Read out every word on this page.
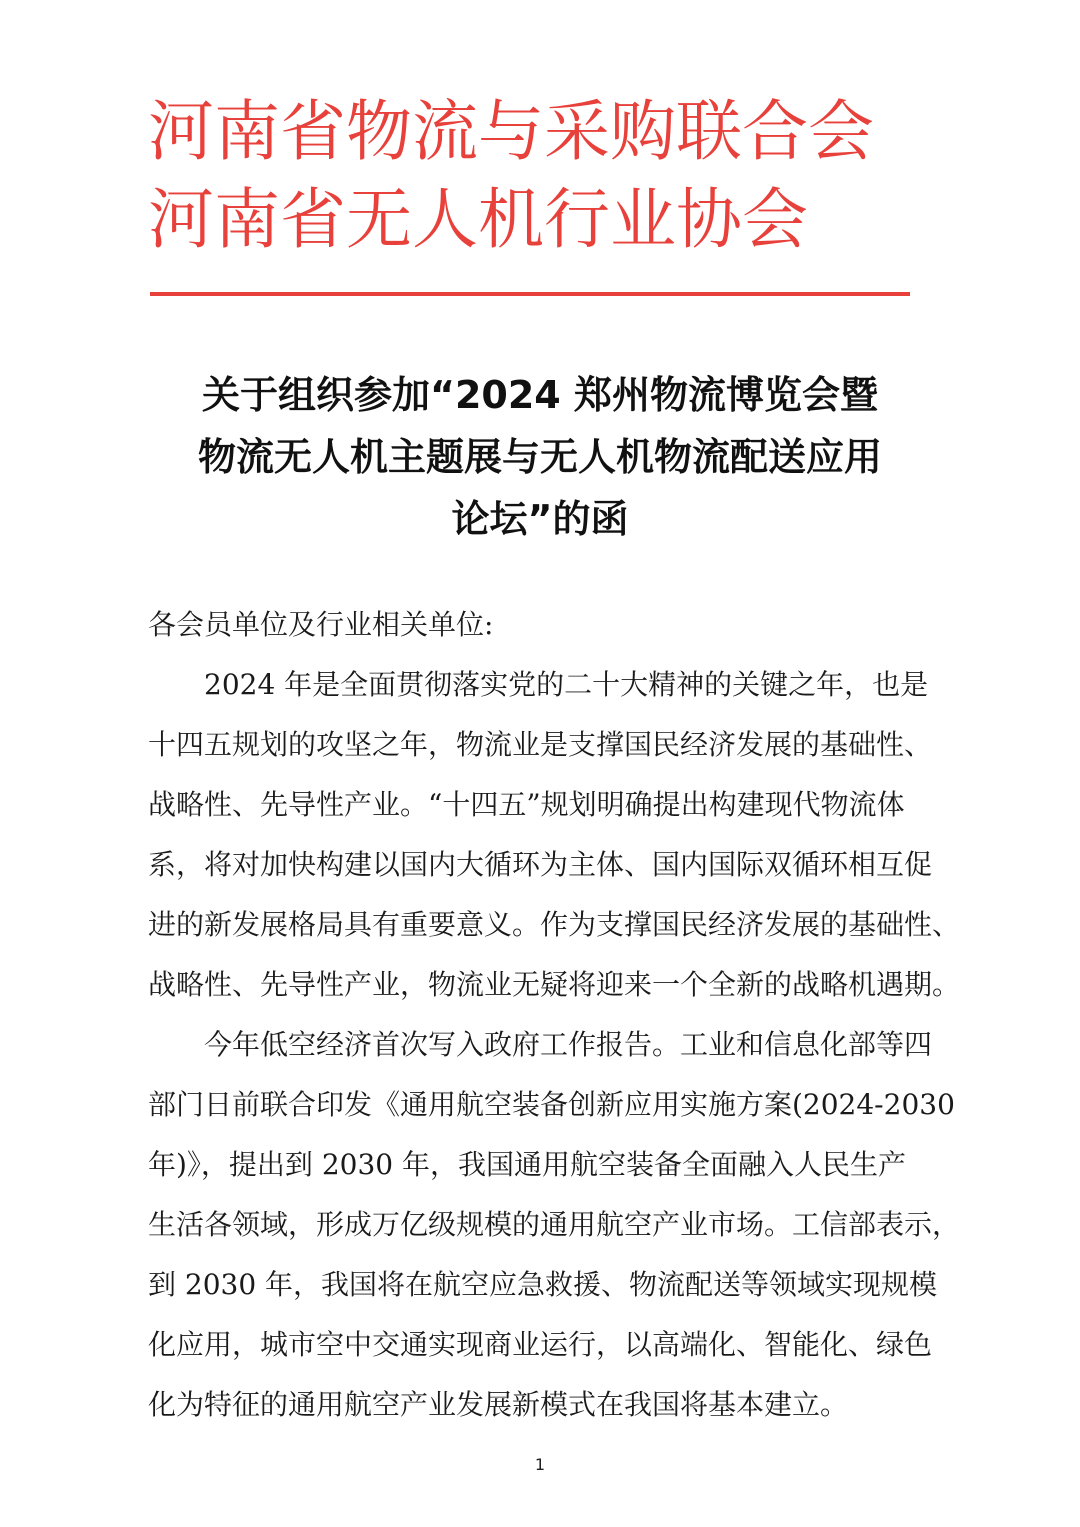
河南省物流与采购联合会
河南省无人机行业协会
关于组织参加“2024 郑州物流博览会暨
物流无人机主题展与无人机物流配送应用
论坛”的函
各会员单位及行业相关单位:
2024 年是全面贯彻落实党的二十大精神的关键之年，也是
十四五规划的攻坚之年，物流业是支撑国民经济发展的基础性、
战略性、先导性产业。“十四五”规划明确提出构建现代物流体
系，将对加快构建以国内大循环为主体、国内国际双循环相互促
进的新发展格局具有重要意义。作为支撑国民经济发展的基础性、
战略性、先导性产业，物流业无疑将迎来一个全新的战略机遇期。
今年低空经济首次写入政府工作报告。工业和信息化部等四
部门日前联合印发《通用航空装备创新应用实施方案(2024-2030
年)》，提出到 2030 年，我国通用航空装备全面融入人民生产
生活各领域，形成万亿级规模的通用航空产业市场。工信部表示，
到 2030 年，我国将在航空应急救援、物流配送等领域实现规模
化应用，城市空中交通实现商业运行，以高端化、智能化、绿色
化为特征的通用航空产业发展新模式在我国将基本建立。
1
